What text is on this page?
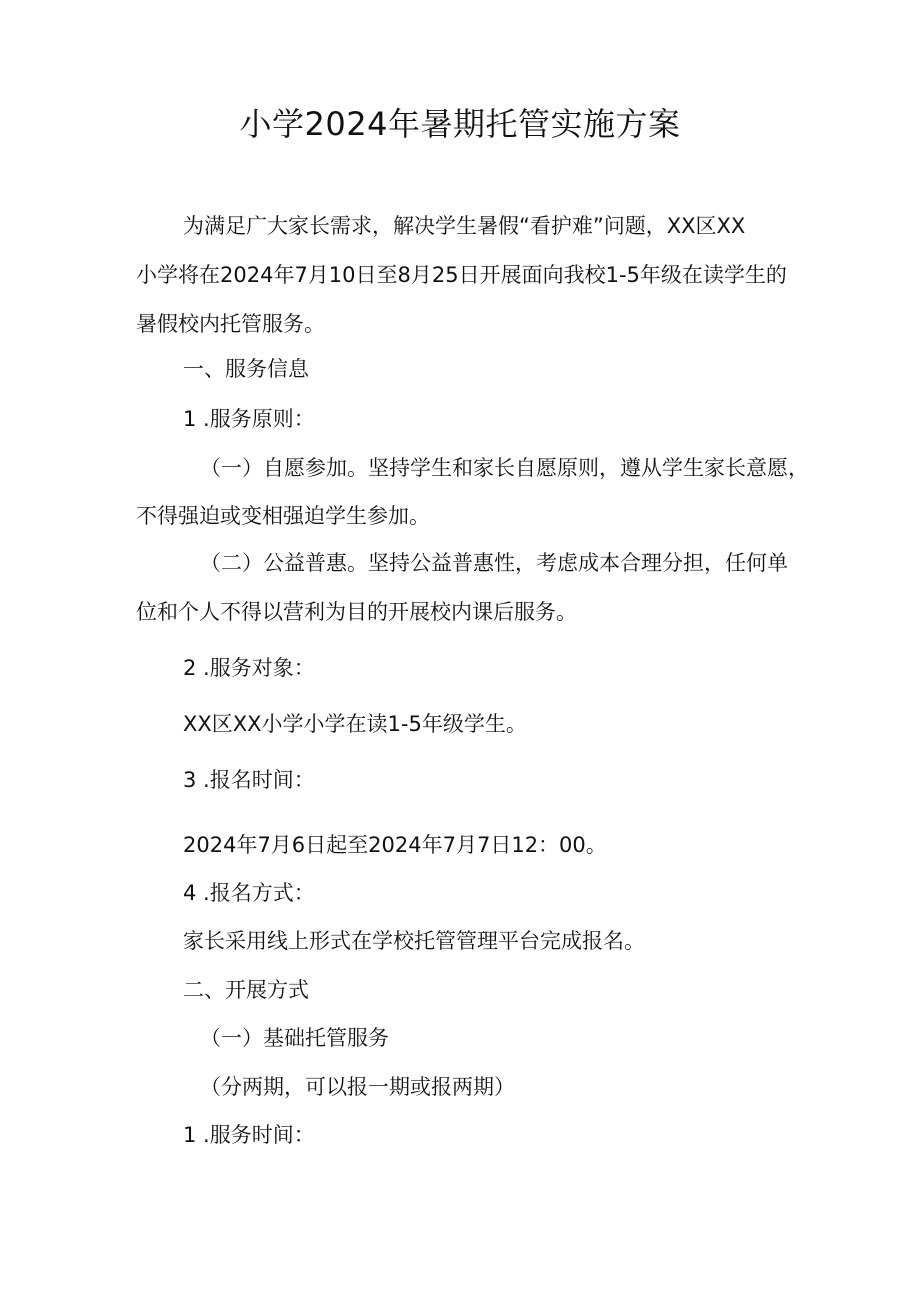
小学2024年暑期托管实施方案
为满足广大家长需求，解决学生暑假“看护难”问题，XX区XX
小学将在2024年7月10日至8月25日开展面向我校1-5年级在读学生的
暑假校内托管服务。
一、服务信息
1 .服务原则：
（一）自愿参加。坚持学生和家长自愿原则，遵从学生家长意愿，
不得强迫或变相强迫学生参加。
（二）公益普惠。坚持公益普惠性，考虑成本合理分担，任何单
位和个人不得以营利为目的开展校内课后服务。
2 .服务对象：
XX区XX小学小学在读1-5年级学生。
3 .报名时间：
2024年7月6日起至2024年7月7日12：00。
4 .报名方式：
家长采用线上形式在学校托管管理平台完成报名。
二、开展方式
（一）基础托管服务
（分两期，可以报一期或报两期）
1 .服务时间：
